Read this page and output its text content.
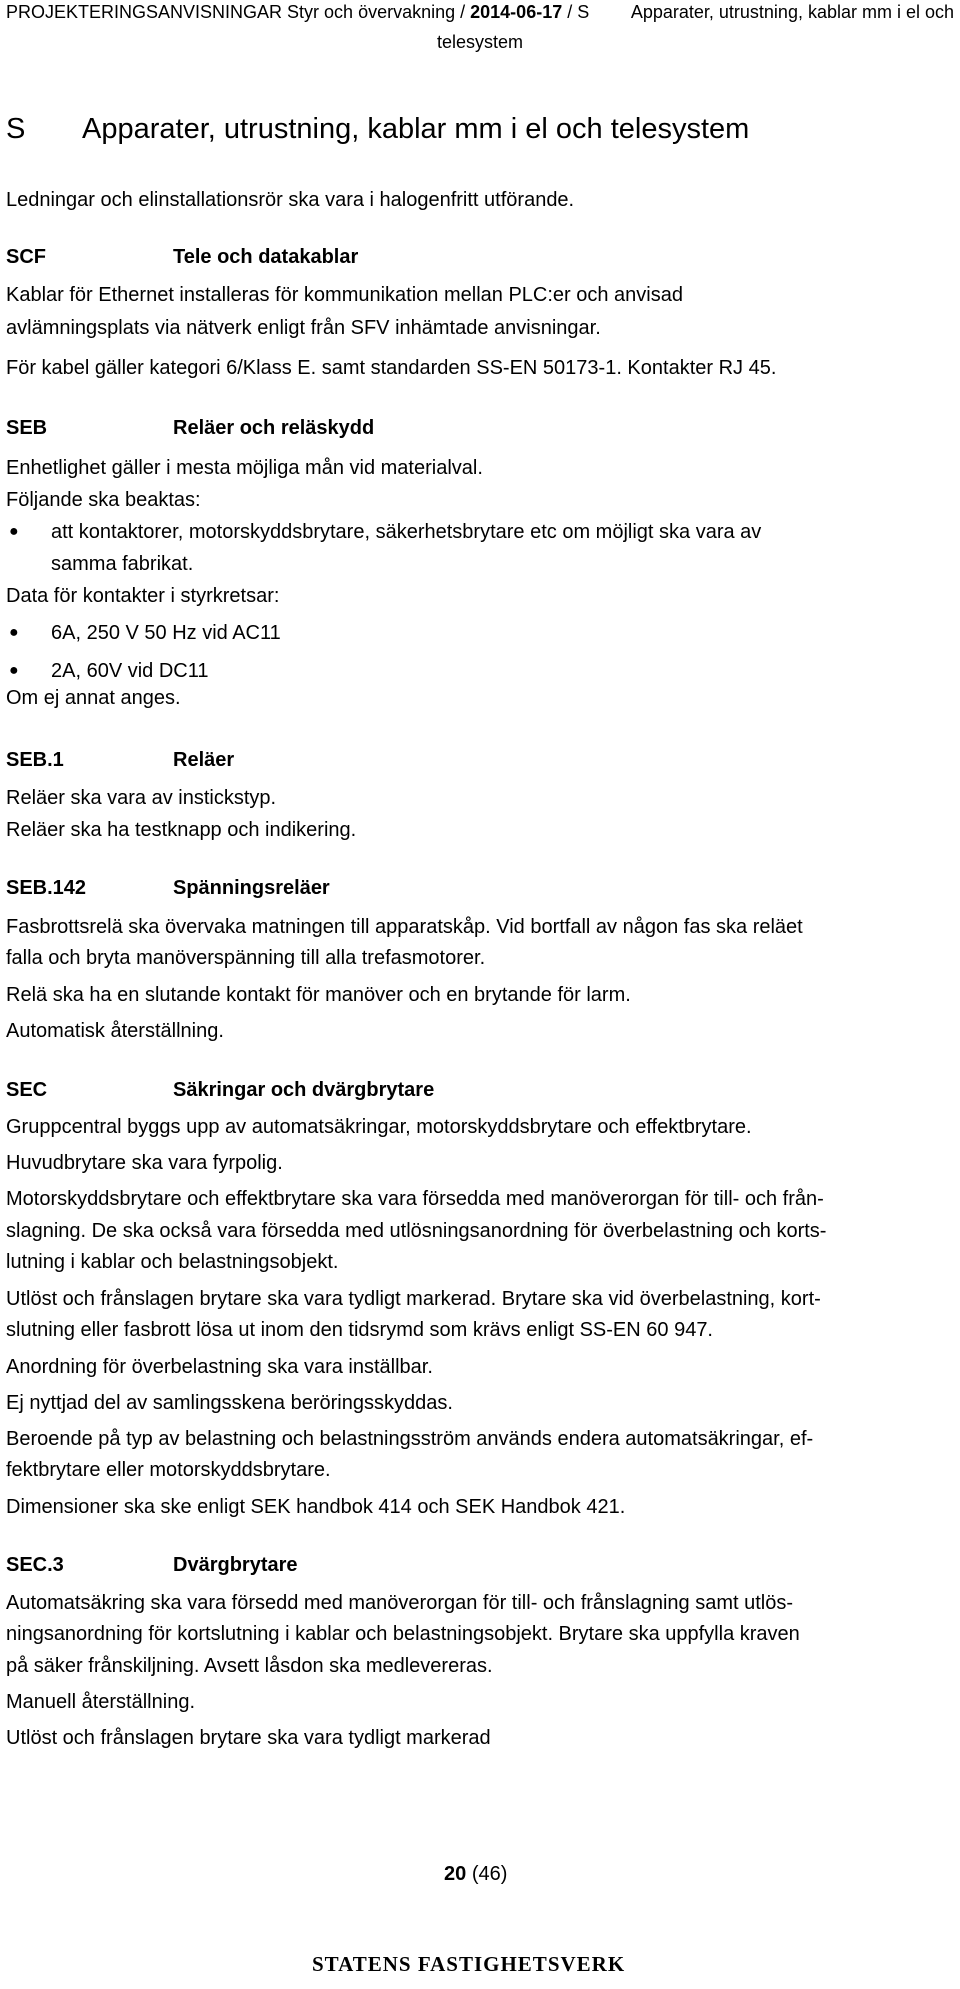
PROJEKTERINGSANVISNINGAR Styr och övervakning / 2014-06-17 / S Apparater, utrustning, kablar mm i el och
telesystem
S Apparater, utrustning, kablar mm i el och telesystem
Ledningar och elinstallationsrör ska vara i halogenfritt utförande.
SCF	Tele och datakablar
Kablar för Ethernet installeras för kommunikation mellan PLC:er och anvisad
avlämningsplats via nätverk enligt från SFV inhämtade anvisningar.
För kabel gäller kategori 6/Klass E. samt standarden SS-EN 50173-1. Kontakter RJ 45.
SEB	Reläer och reläskydd
Enhetlighet gäller i mesta möjliga mån vid materialval.
Följande ska beaktas:
● att kontaktorer, motorskyddsbrytare, säkerhetsbrytare etc om möjligt ska vara av
samma fabrikat.
Data för kontakter i styrkretsar:
● 6A, 250 V 50 Hz vid AC11
● 2A, 60V vid DC11
Om ej annat anges.
SEB.1	Reläer
Reläer ska vara av instickstyp.
Reläer ska ha testknapp och indikering.
SEB.142	Spänningsreläer
Fasbrottsrelä ska övervaka matningen till apparatskåp. Vid bortfall av någon fas ska reläet
falla och bryta manöverspänning till alla trefasmotorer.
Relä ska ha en slutande kontakt för manöver och en brytande för larm.
Automatisk återställning.
SEC	Säkringar och dvärgbrytare
Gruppcentral byggs upp av automatsäkringar, motorskyddsbrytare och effektbrytare.
Huvudbrytare ska vara fyrpolig.
Motorskyddsbrytare och effektbrytare ska vara försedda med manöverorgan för till- och från-
slagning. De ska också vara försedda med utlösningsanordning för överbelastning och korts-
lutning i kablar och belastningsobjekt.
Utlöst och frånslagen brytare ska vara tydligt markerad. Brytare ska vid överbelastning, kort-
slutning eller fasbrott lösa ut inom den tidsrymd som krävs enligt SS-EN 60 947.
Anordning för överbelastning ska vara inställbar.
Ej nyttjad del av samlingsskena beröringsskyddas.
Beroende på typ av belastning och belastningsström används endera automatsäkringar, ef-
fektbrytare eller motorskyddsbrytare.
Dimensioner ska ske enligt SEK handbok 414 och SEK Handbok 421.
SEC.3	Dvärgbrytare
Automatsäkring ska vara försedd med manöverorgan för till- och frånslagning samt utlös-
ningsanordning för kortslutning i kablar och belastningsobjekt. Brytare ska uppfylla kraven
på säker frånskiljning. Avsett låsdon ska medlevereras.
Manuell återställning.
Utlöst och frånslagen brytare ska vara tydligt markerad
20 (46)
STATENS FASTIGHETSVERK
